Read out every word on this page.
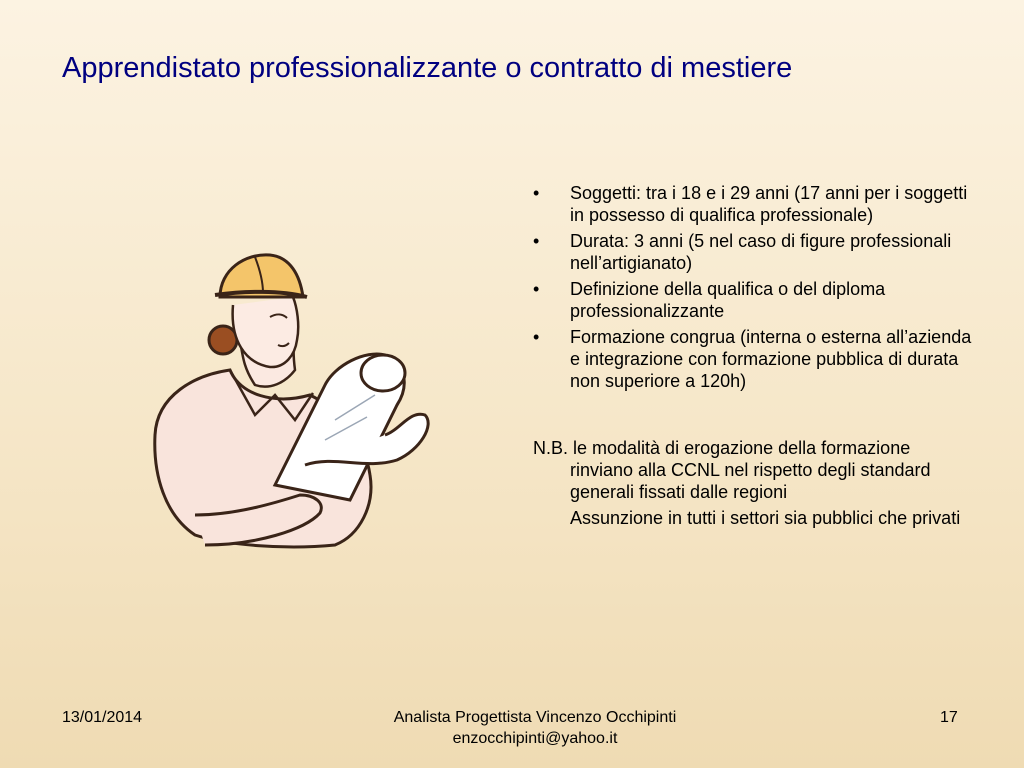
Apprendistato professionalizzante o contratto di mestiere
• Soggetti: tra i 18 e i 29 anni (17 anni per i soggetti in possesso di qualifica professionale)
• Durata: 3 anni (5 nel caso di figure professionali nell’artigianato)
• Definizione della qualifica o del diploma professionalizzante
• Formazione congrua (interna o esterna all’azienda e integrazione con formazione pubblica di durata non superiore a 120h)
N.B. le modalità di erogazione della formazione rinviano alla CCNL nel rispetto degli standard generali fissati dalle regioni
Assunzione in tutti i settori sia pubblici che privati
13/01/2014	Analista Progettista Vincenzo Occhipinti
enzocchipinti@yahoo.it
17
